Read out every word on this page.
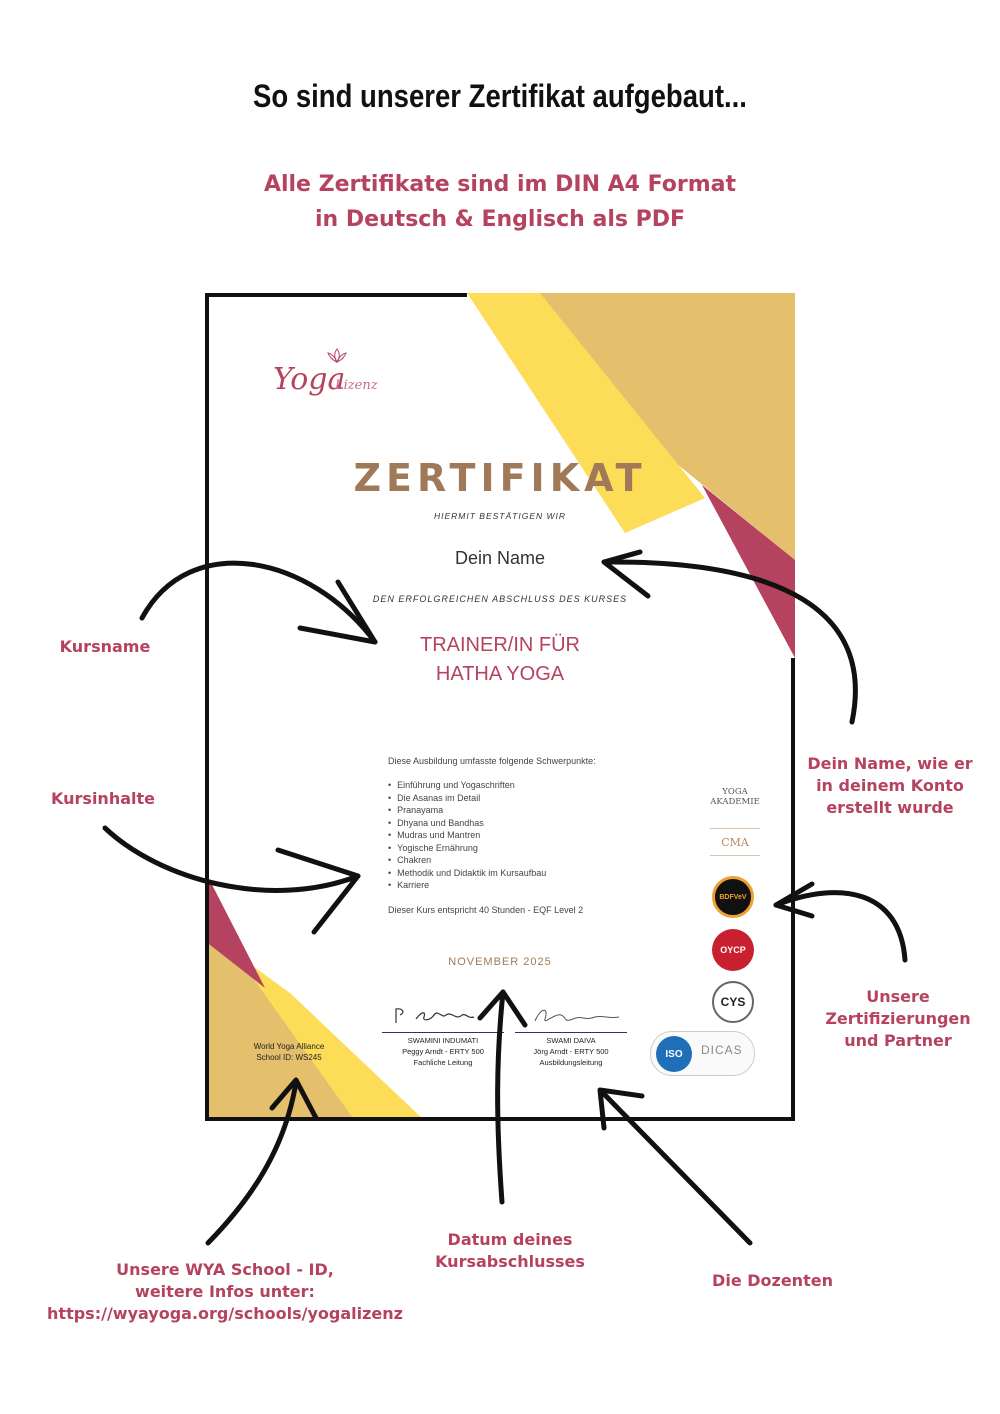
So sind unserer Zertifikat aufgebaut...
Alle Zertifikate sind im DIN A4 Format
in Deutsch & Englisch als PDF
Yoga
Lizenz
ZERTIFIKAT
HIERMIT BESTÄTIGEN WIR
Dein Name
DEN ERFOLGREICHEN ABSCHLUSS DES KURSES
TRAINER/IN FÜR
HATHA YOGA
Diese Ausbildung umfasste folgende Schwerpunkte:
• Einführung und Yogaschriften
• Die Asanas im Detail
• Pranayama
• Dhyana und Bandhas
• Mudras und Mantren
• Yogische Ernährung
• Chakren
• Methodik und Didaktik im Kursaufbau
• Karriere
Dieser Kurs entspricht 40 Stunden - EQF Level 2
NOVEMBER 2025
SWAMINI INDUMATI
Peggy Arndt - ERTY 500
Fachliche Leitung
SWAMI DAIVA
Jörg Arndt - ERTY 500
Ausbildungsleitung
World Yoga Alliance
School ID: WS245
YOGA
AKADEMIE
CMA
BDFVeV
OYCP
CYS
ISO	DICAS
Kursname
Kursinhalte
Dein Name, wie er
in deinem Konto
erstellt wurde
Unsere
Zertifizierungen
und Partner
Datum deines
Kursabschlusses
Die Dozenten
Unsere WYA School - ID,
weitere Infos unter:
https://wyayoga.org/schools/yogalizenz
